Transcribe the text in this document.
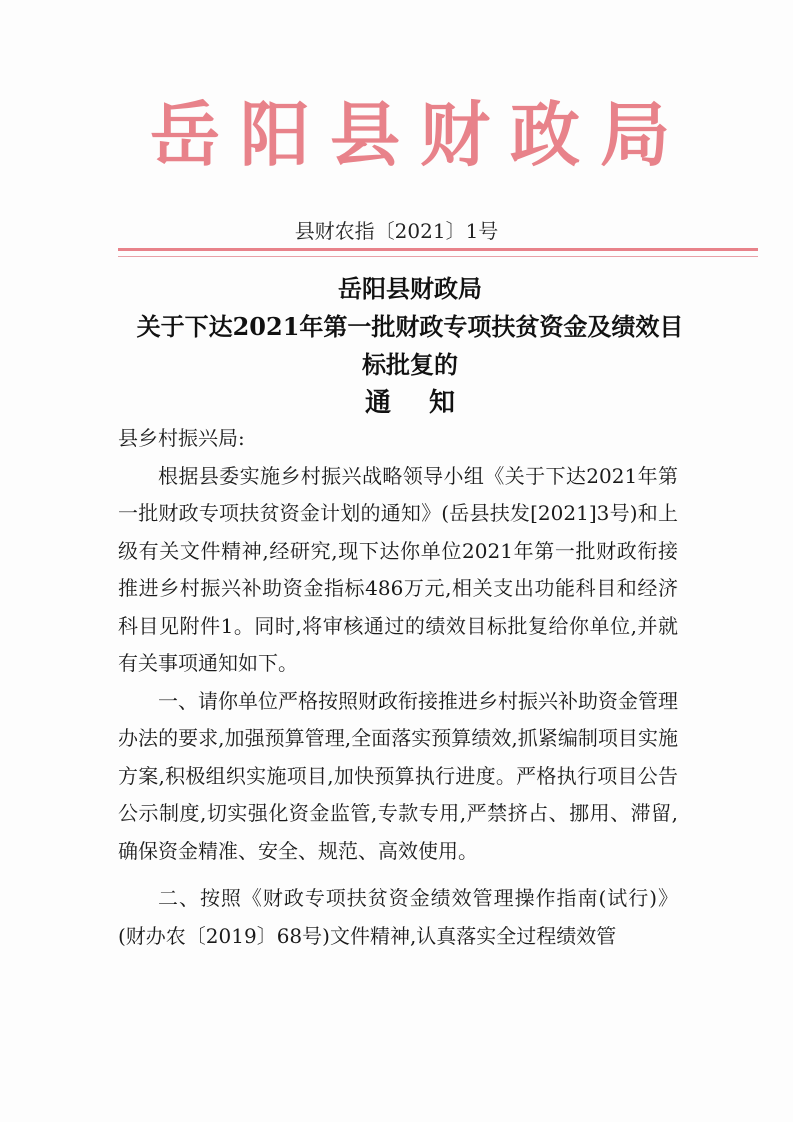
岳 阳 县 财 政 局
县财农指〔2021〕1号
岳阳县财政局
关于下达2021年第一批财政专项扶贫资金及绩效目
标批复的
通知

县乡村振兴局:

根据县委实施乡村振兴战略领导小组《关于下达2021年第一批财政专项扶贫资金计划的通知》(岳县扶发[2021]3号)和上级有关文件精神,经研究,现下达你单位2021年第一批财政衔接推进乡村振兴补助资金指标486万元,相关支出功能科目和经济科目见附件1。同时,将审核通过的绩效目标批复给你单位,并就有关事项通知如下。

一、请你单位严格按照财政衔接推进乡村振兴补助资金管理办法的要求,加强预算管理,全面落实预算绩效,抓紧编制项目实施方案,积极组织实施项目,加快预算执行进度。严格执行项目公告公示制度,切实强化资金监管,专款专用,严禁挤占、挪用、滞留,确保资金精准、安全、规范、高效使用。

二、按照《财政专项扶贫资金绩效管理操作指南(试行)》(财办农〔2019〕68号)文件精神,认真落实全过程绩效管
